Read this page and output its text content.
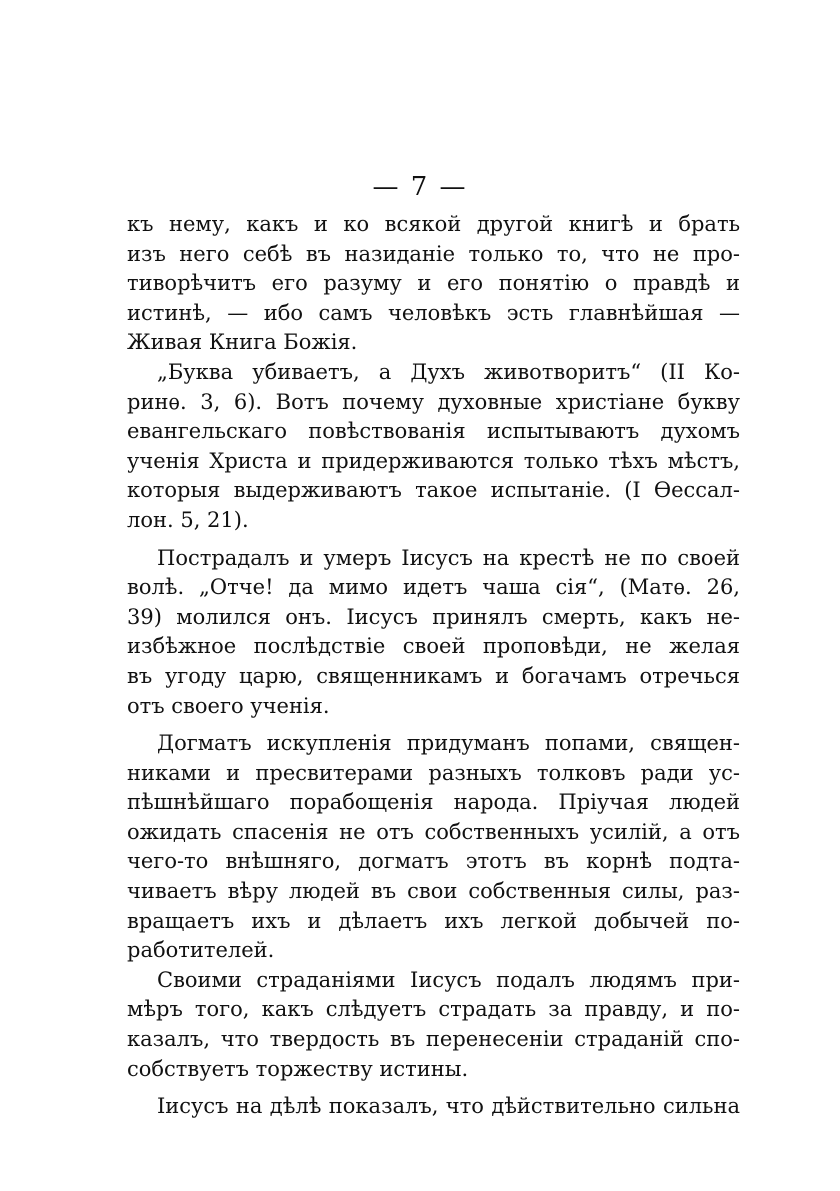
— 7 —
къ нему, какъ и ко всякой другой книгѣ и брать
изъ него себѣ въ назиданіе только то, что не про-
тиворѣчитъ его разуму и его понятію о правдѣ и
истинѣ, — ибо самъ человѣкъ эсть главнѣйшая —
Живая Книга Божія.
„Буква убиваетъ, а Духъ животворитъ“ (II Ко-
ринѳ. 3, 6). Вотъ почему духовные христіане букву
евангельскаго повѣствованія испытываютъ духомъ
ученія Христа и придерживаются только тѣхъ мѣстъ,
которыя выдерживаютъ такое испытаніе. (I Ѳессал-
лон. 5, 21).
Пострадалъ и умеръ Іисусъ на крестѣ не по своей
волѣ. „Отче! да мимо идетъ чаша сія“, (Матѳ. 26,
39) молился онъ. Іисусъ принялъ смерть, какъ не-
избѣжное послѣдствіе своей проповѣди, не желая
въ угоду царю, священникамъ и богачамъ отречься
отъ своего ученія.
Догматъ искупленія придуманъ попами, священ-
никами и пресвитерами разныхъ толковъ ради ус-
пѣшнѣйшаго порабощенія народа. Пріучая людей
ожидать спасенія не отъ собственныхъ усилій, а отъ
чего-то внѣшняго, догматъ этотъ въ корнѣ подта-
чиваетъ вѣру людей въ свои собственныя силы, раз-
вращаетъ ихъ и дѣлаетъ ихъ легкой добычей по-
работителей.
Своими страданіями Іисусъ подалъ людямъ при-
мѣръ того, какъ слѣдуетъ страдать за правду, и по-
казалъ, что твердость въ перенесеніи страданій спо-
собствуетъ торжеству истины.
Іисусъ на дѣлѣ показалъ, что дѣйствительно сильна
